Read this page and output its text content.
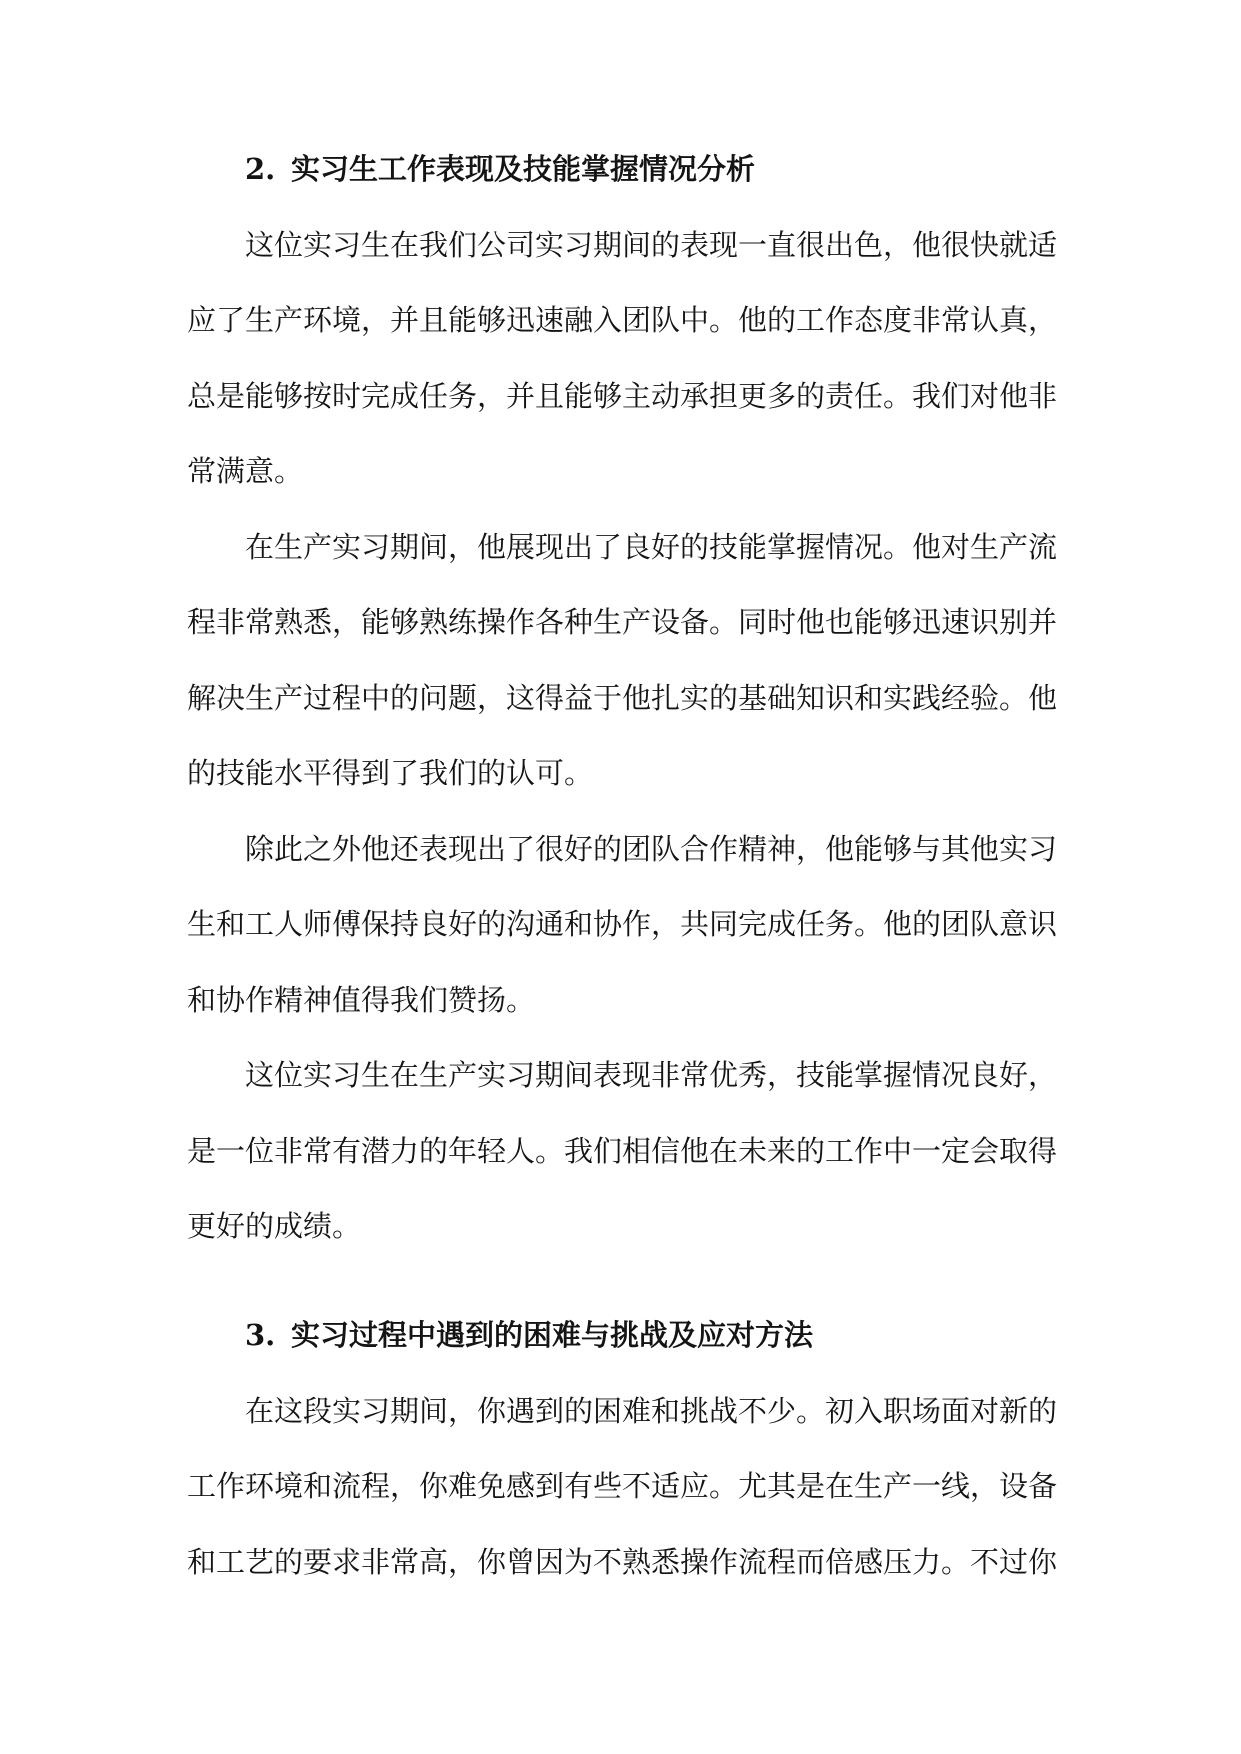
2. 实习生工作表现及技能掌握情况分析
这位实习生在我们公司实习期间的表现一直很出色，他很快就适
应了生产环境，并且能够迅速融入团队中。他的工作态度非常认真，
总是能够按时完成任务，并且能够主动承担更多的责任。我们对他非
常满意。
在生产实习期间，他展现出了良好的技能掌握情况。他对生产流
程非常熟悉，能够熟练操作各种生产设备。同时他也能够迅速识别并
解决生产过程中的问题，这得益于他扎实的基础知识和实践经验。他
的技能水平得到了我们的认可。
除此之外他还表现出了很好的团队合作精神，他能够与其他实习
生和工人师傅保持良好的沟通和协作，共同完成任务。他的团队意识
和协作精神值得我们赞扬。
这位实习生在生产实习期间表现非常优秀，技能掌握情况良好，
是一位非常有潜力的年轻人。我们相信他在未来的工作中一定会取得
更好的成绩。
3. 实习过程中遇到的困难与挑战及应对方法
在这段实习期间，你遇到的困难和挑战不少。初入职场面对新的
工作环境和流程，你难免感到有些不适应。尤其是在生产一线，设备
和工艺的要求非常高，你曾因为不熟悉操作流程而倍感压力。不过你
